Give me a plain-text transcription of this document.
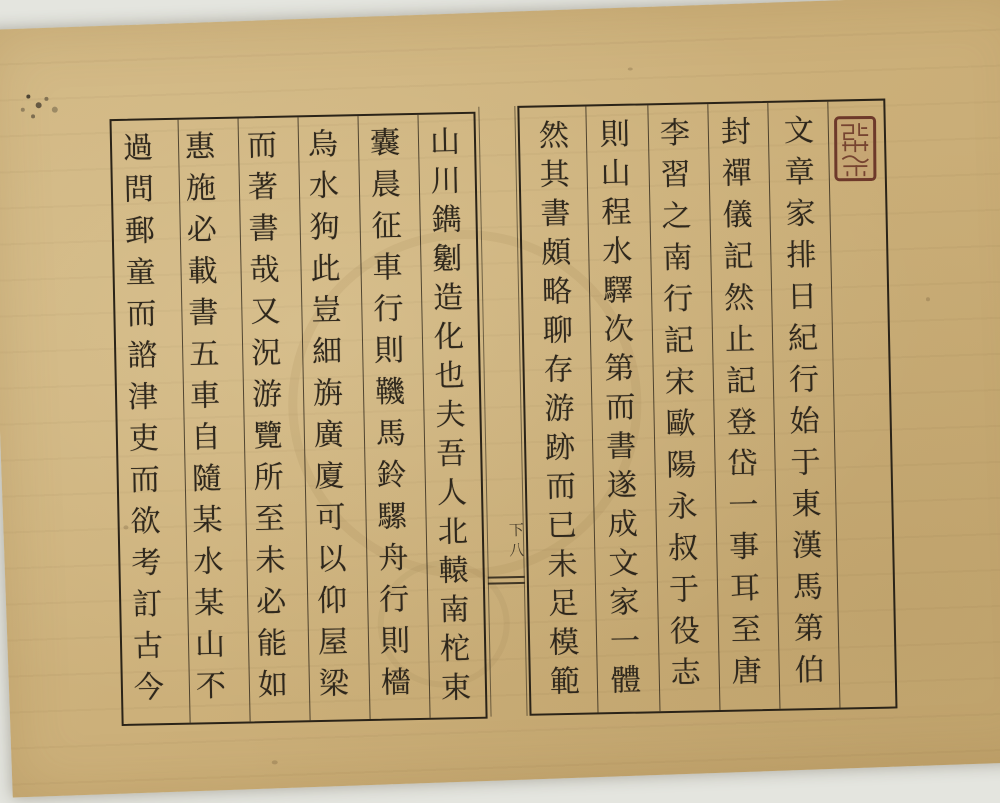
下八	文章家排日紀行始于東漢馬第伯
封禪儀記然止記登岱一事耳至唐
李習之南行記宋歐陽永叔于役志
則山程水驛次第而書遂成文家一體
然其書頗略聊存游跡而已未足模範
山川鐫劖造化也夫吾人北轅南柁束
囊晨征車行則鞿馬鈴騾舟行則檣
烏水狗此豈細旃廣廈可以仰屋梁
而著書哉又況游覽所至未必能如
惠施必載書五車自隨某水某山不
過問郵童而諮津吏而欲考訂古今
